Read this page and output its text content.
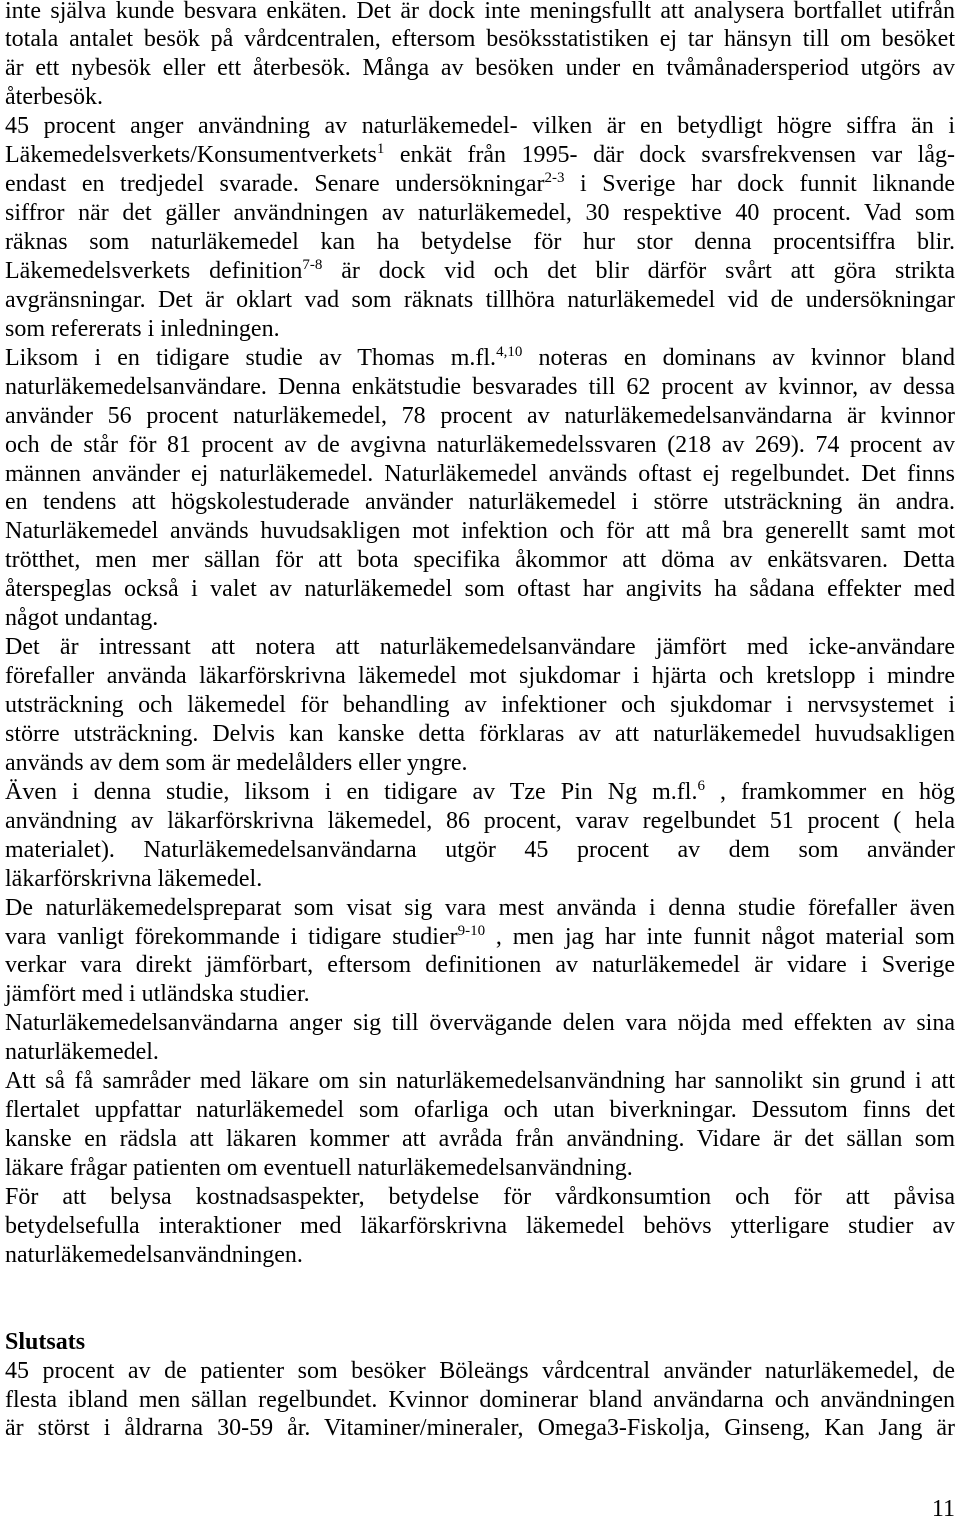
inte själva kunde besvara enkäten. Det är dock inte meningsfullt att analysera bortfallet utifrån
totala antalet besök på vårdcentralen, eftersom besöksstatistiken ej tar hänsyn till om besöket
är ett nybesök eller ett återbesök. Många av besöken under en tvåmånadersperiod utgörs av
återbesök.
45 procent anger användning av naturläkemedel- vilken är en betydligt högre siffra än i
Läkemedelsverkets/Konsumentverkets$^1$ enkät från 1995- där dock svarsfrekvensen var låg-
endast en tredjedel svarade. Senare undersökningar$^{2-3}$ i Sverige har dock funnit liknande
siffror när det gäller användningen av naturläkemedel, 30 respektive 40 procent. Vad som
räknas som naturläkemedel kan ha betydelse för hur stor denna procentsiffra blir.
Läkemedelsverkets definition$^{7-8}$ är dock vid och det blir därför svårt att göra strikta
avgränsningar. Det är oklart vad som räknats tillhöra naturläkemedel vid de undersökningar
som refererats i inledningen.
Liksom i en tidigare studie av Thomas m.fl.$^{4,10}$ noteras en dominans av kvinnor bland
naturläkemedelsanvändare. Denna enkätstudie besvarades till 62 procent av kvinnor, av dessa
använder 56 procent naturläkemedel, 78 procent av naturläkemedelsanvändarna är kvinnor
och de står för 81 procent av de avgivna naturläkemedelssvaren (218 av 269). 74 procent av
männen använder ej naturläkemedel. Naturläkemedel används oftast ej regelbundet. Det finns
en tendens att högskolestuderade använder naturläkemedel i större utsträckning än andra.
Naturläkemedel används huvudsakligen mot infektion och för att må bra generellt samt mot
trötthet, men mer sällan för att bota specifika åkommor att döma av enkätsvaren. Detta
återspeglas också i valet av naturläkemedel som oftast har angivits ha sådana effekter med
något undantag.
Det är intressant att notera att naturläkemedelsanvändare jämfört med icke-användare
förefaller använda läkarförskrivna läkemedel mot sjukdomar i hjärta och kretslopp i mindre
utsträckning och läkemedel för behandling av infektioner och sjukdomar i nervsystemet i
större utsträckning. Delvis kan kanske detta förklaras av att naturläkemedel huvudsakligen
används av dem som är medelålders eller yngre.
Även i denna studie, liksom i en tidigare av Tze Pin Ng m.fl.$^6$ , framkommer en hög
användning av läkarförskrivna läkemedel, 86 procent, varav regelbundet 51 procent ( hela
materialet). Naturläkemedelsanvändarna utgör 45 procent av dem som använder
läkarförskrivna läkemedel.
De naturläkemedelspreparat som visat sig vara mest använda i denna studie förefaller även
vara vanligt förekommande i tidigare studier$^{9-10}$ , men jag har inte funnit något material som
verkar vara direkt jämförbart, eftersom definitionen av naturläkemedel är vidare i Sverige
jämfört med i utländska studier.
Naturläkemedelsanvändarna anger sig till övervägande delen vara nöjda med effekten av sina
naturläkemedel.
Att så få samråder med läkare om sin naturläkemedelsanvändning har sannolikt sin grund i att
flertalet uppfattar naturläkemedel som ofarliga och utan biverkningar. Dessutom finns det
kanske en rädsla att läkaren kommer att avråda från användning. Vidare är det sällan som
läkare frågar patienten om eventuell naturläkemedelsanvändning.
För att belysa kostnadsaspekter, betydelse för vårdkonsumtion och för att påvisa
betydelsefulla interaktioner med läkarförskrivna läkemedel behövs ytterligare studier av
naturläkemedelsanvändningen.
Slutsats
45 procent av de patienter som besöker Böleängs vårdcentral använder naturläkemedel, de
flesta ibland men sällan regelbundet. Kvinnor dominerar bland användarna och användningen
är störst i åldrarna 30-59 år. Vitaminer/mineraler, Omega3-Fiskolja, Ginseng, Kan Jang är
11
